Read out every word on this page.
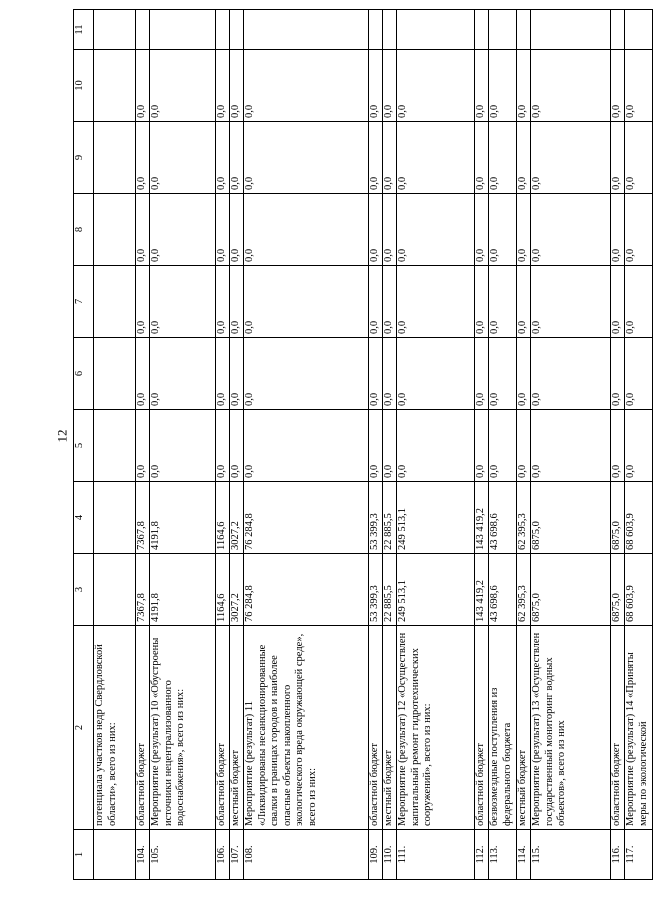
12
1	2	3	4	5	6	7	8	9	10	11
	потенциала участков недр Свердловской области», всего из них:									
104.	областной бюджет	7367,8	7367,8	0,0	0,0	0,0	0,0	0,0	0,0	
105.	Мероприятие (результат) 10 «Обустроены источники нецентрализованного водоснабжения», всего из них:	4191,8	4191,8	0,0	0,0	0,0	0,0	0,0	0,0	
106.	областной бюджет	1164,6	1164,6	0,0	0,0	0,0	0,0	0,0	0,0	
107.	местный бюджет	3027,2	3027,2	0,0	0,0	0,0	0,0	0,0	0,0	
108.	Мероприятие (результат) 11 «Ликвидированы несанкционированные свалки в границах городов и наиболее опасные объекты накопленного экологического вреда окружающей среде», всего из них:	76 284,8	76 284,8	0,0	0,0	0,0	0,0	0,0	0,0	
109.	областной бюджет	53 399,3	53 399,3	0,0	0,0	0,0	0,0	0,0	0,0	
110.	местный бюджет	22 885,5	22 885,5	0,0	0,0	0,0	0,0	0,0	0,0	
111.	Мероприятие (результат) 12 «Осуществлен капитальный ремонт гидротехнических сооружений», всего из них:	249 513,1	249 513,1	0,0	0,0	0,0	0,0	0,0	0,0	
112.	областной бюджет	143 419,2	143 419,2	0,0	0,0	0,0	0,0	0,0	0,0	
113.	безвозмездные поступления из федерального бюджета	43 698,6	43 698,6	0,0	0,0	0,0	0,0	0,0	0,0	
114.	местный бюджет	62 395,3	62 395,3	0,0	0,0	0,0	0,0	0,0	0,0	
115.	Мероприятие (результат) 13 «Осуществлен государственный мониторинг водных объектов», всего из них	6875,0	6875,0	0,0	0,0	0,0	0,0	0,0	0,0	
116.	областной бюджет	6875,0	6875,0	0,0	0,0	0,0	0,0	0,0	0,0	
117.	Мероприятие (результат) 14 «Приняты меры по экологической	68 603,9	68 603,9	0,0	0,0	0,0	0,0	0,0	0,0	
